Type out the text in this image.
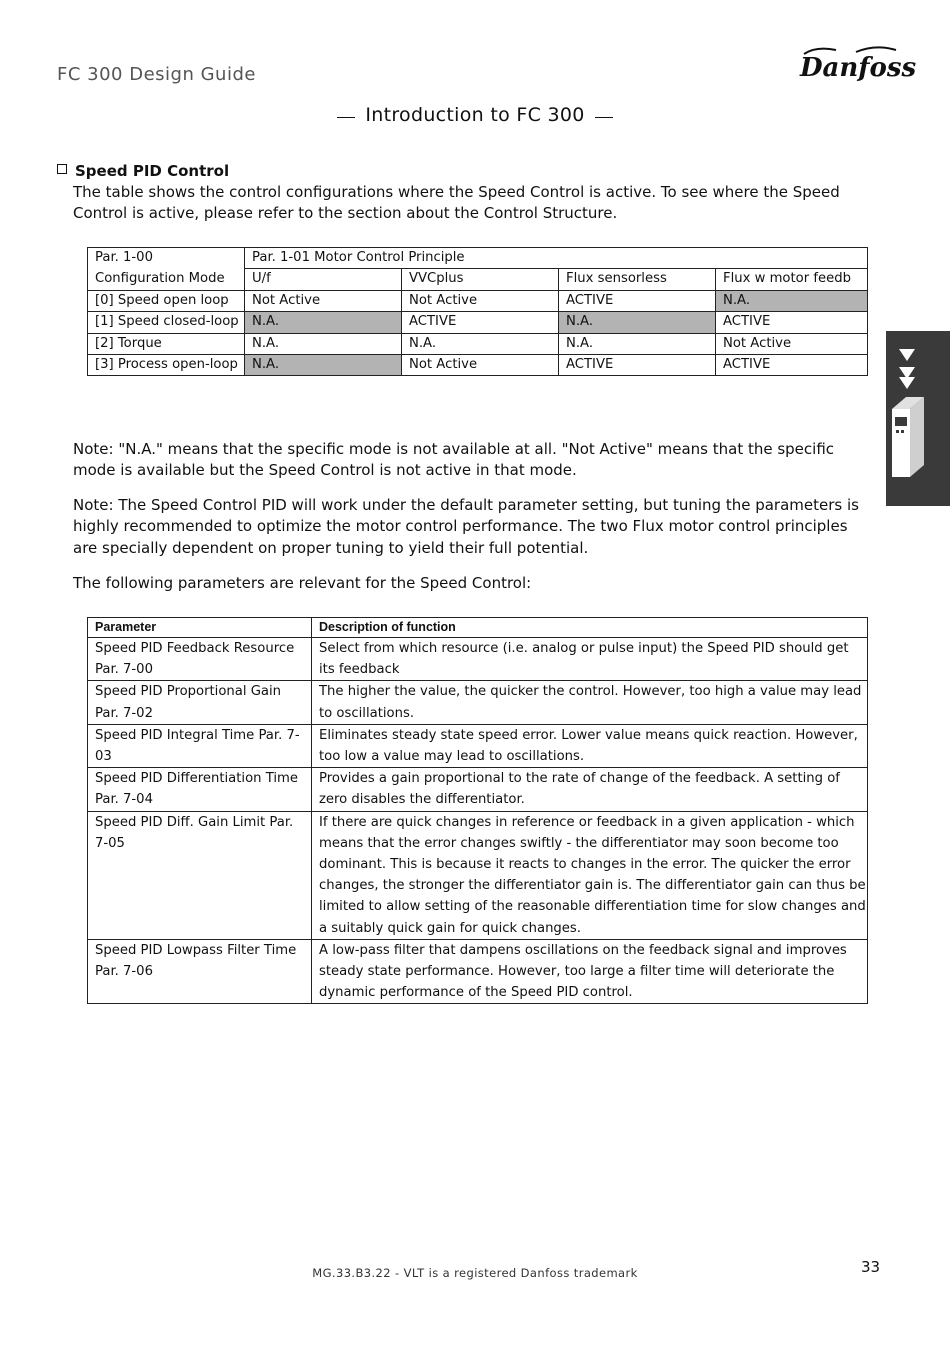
FC 300 Design Guide	Danfoss
Introduction to FC 300
Speed PID Control
The table shows the control configurations where the Speed Control is active. To see where the Speed Control is active, please refer to the section about the Control Structure.
Par. 1-00	Par. 1-01 Motor Control Principle			
Configuration Mode	U/f	VVCplus	Flux sensorless	Flux w motor feedb
[0] Speed open loop	Not Active	Not Active	ACTIVE	N.A.
[1] Speed closed-loop	N.A.	ACTIVE	N.A.	ACTIVE
[2] Torque	N.A.	N.A.	N.A.	Not Active
[3] Process open-loop	N.A.	Not Active	ACTIVE	ACTIVE
Note: "N.A." means that the specific mode is not available at all. "Not Active" means that the specific mode is available but the Speed Control is not active in that mode.
Note: The Speed Control PID will work under the default parameter setting, but tuning the parameters is highly recommended to optimize the motor control performance. The two Flux motor control principles are specially dependent on proper tuning to yield their full potential.
The following parameters are relevant for the Speed Control:
Parameter	Description of function
Speed PID Feedback Resource Par. 7-00	Select from which resource (i.e. analog or pulse input) the Speed PID should get its feedback
Speed PID Proportional Gain Par. 7-02	The higher the value, the quicker the control. However, too high a value may lead to oscillations.
Speed PID Integral Time Par. 7-03	Eliminates steady state speed error. Lower value means quick reaction. However, too low a value may lead to oscillations.
Speed PID Differentiation Time Par. 7-04	Provides a gain proportional to the rate of change of the feedback. A setting of zero disables the differentiator.
Speed PID Diff. Gain Limit Par. 7-05	If there are quick changes in reference or feedback in a given application - which means that the error changes swiftly - the differentiator may soon become too dominant. This is because it reacts to changes in the error. The quicker the error changes, the stronger the differentiator gain is. The differentiator gain can thus be limited to allow setting of the reasonable differentiation time for slow changes and a suitably quick gain for quick changes.
Speed PID Lowpass Filter Time Par. 7-06	A low-pass filter that dampens oscillations on the feedback signal and improves steady state performance. However, too large a filter time will deteriorate the dynamic performance of the Speed PID control.
MG.33.B3.22 - VLT is a registered Danfoss trademark	33
